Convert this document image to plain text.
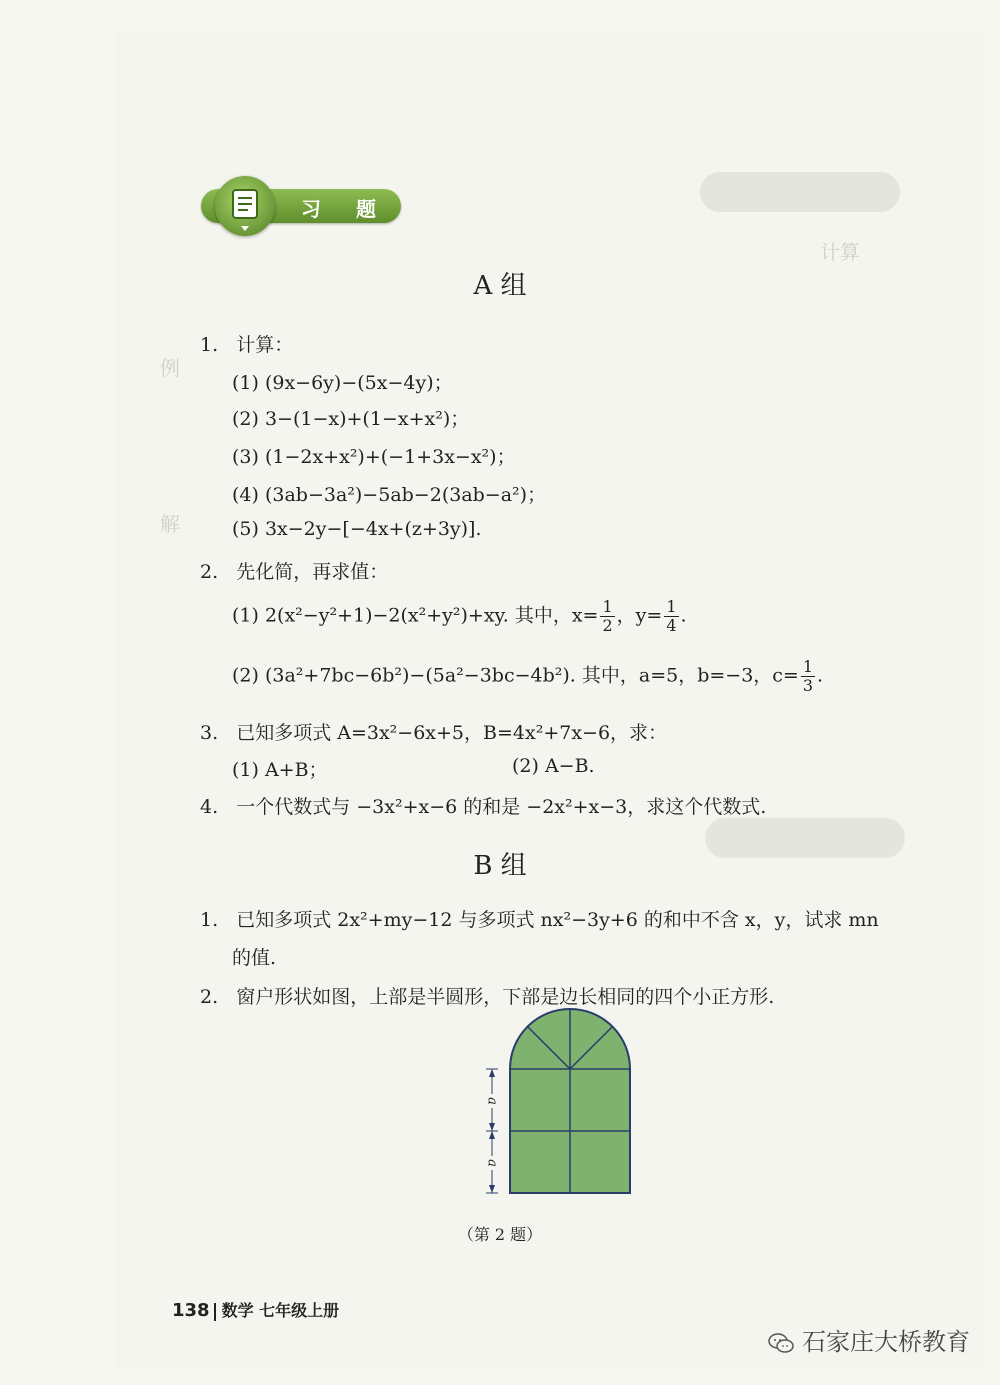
计算
例
解
习 题
A 组
1. 计算：
(1) (9x−6y)−(5x−4y)；
(2) 3−(1−x)+(1−x+x²)；
(3) (1−2x+x²)+(−1+3x−x²)；
(4) (3ab−3a²)−5ab−2(3ab−a²)；
(5) 3x−2y−[−4x+(z+3y)].
2. 先化简，再求值：
(1) 2(x²−y²+1)−2(x²+y²)+xy. 其中，$x= \frac{1}{2}$ ，$y= \frac{1}{4}$ .
(2) (3a²+7bc−6b²)−(5a²−3bc−4b²). 其中，a=5，b=−3，$c= \frac{1}{3}$ .
3. 已知多项式 A=3x²−6x+5，B=4x²+7x−6，求：
(1) A+B；	(2) A−B.
4. 一个代数式与 −3x²+x−6 的和是 −2x²+x−3，求这个代数式.
B 组
1. 已知多项式 2x²+my−12 与多项式 nx²−3y+6 的和中不含 x，y，试求 mn
的值.
2. 窗户形状如图，上部是半圆形，下部是边长相同的四个小正方形.
a
a
（第 2 题）
138 数学 七年级上册
石家庄大桥教育
